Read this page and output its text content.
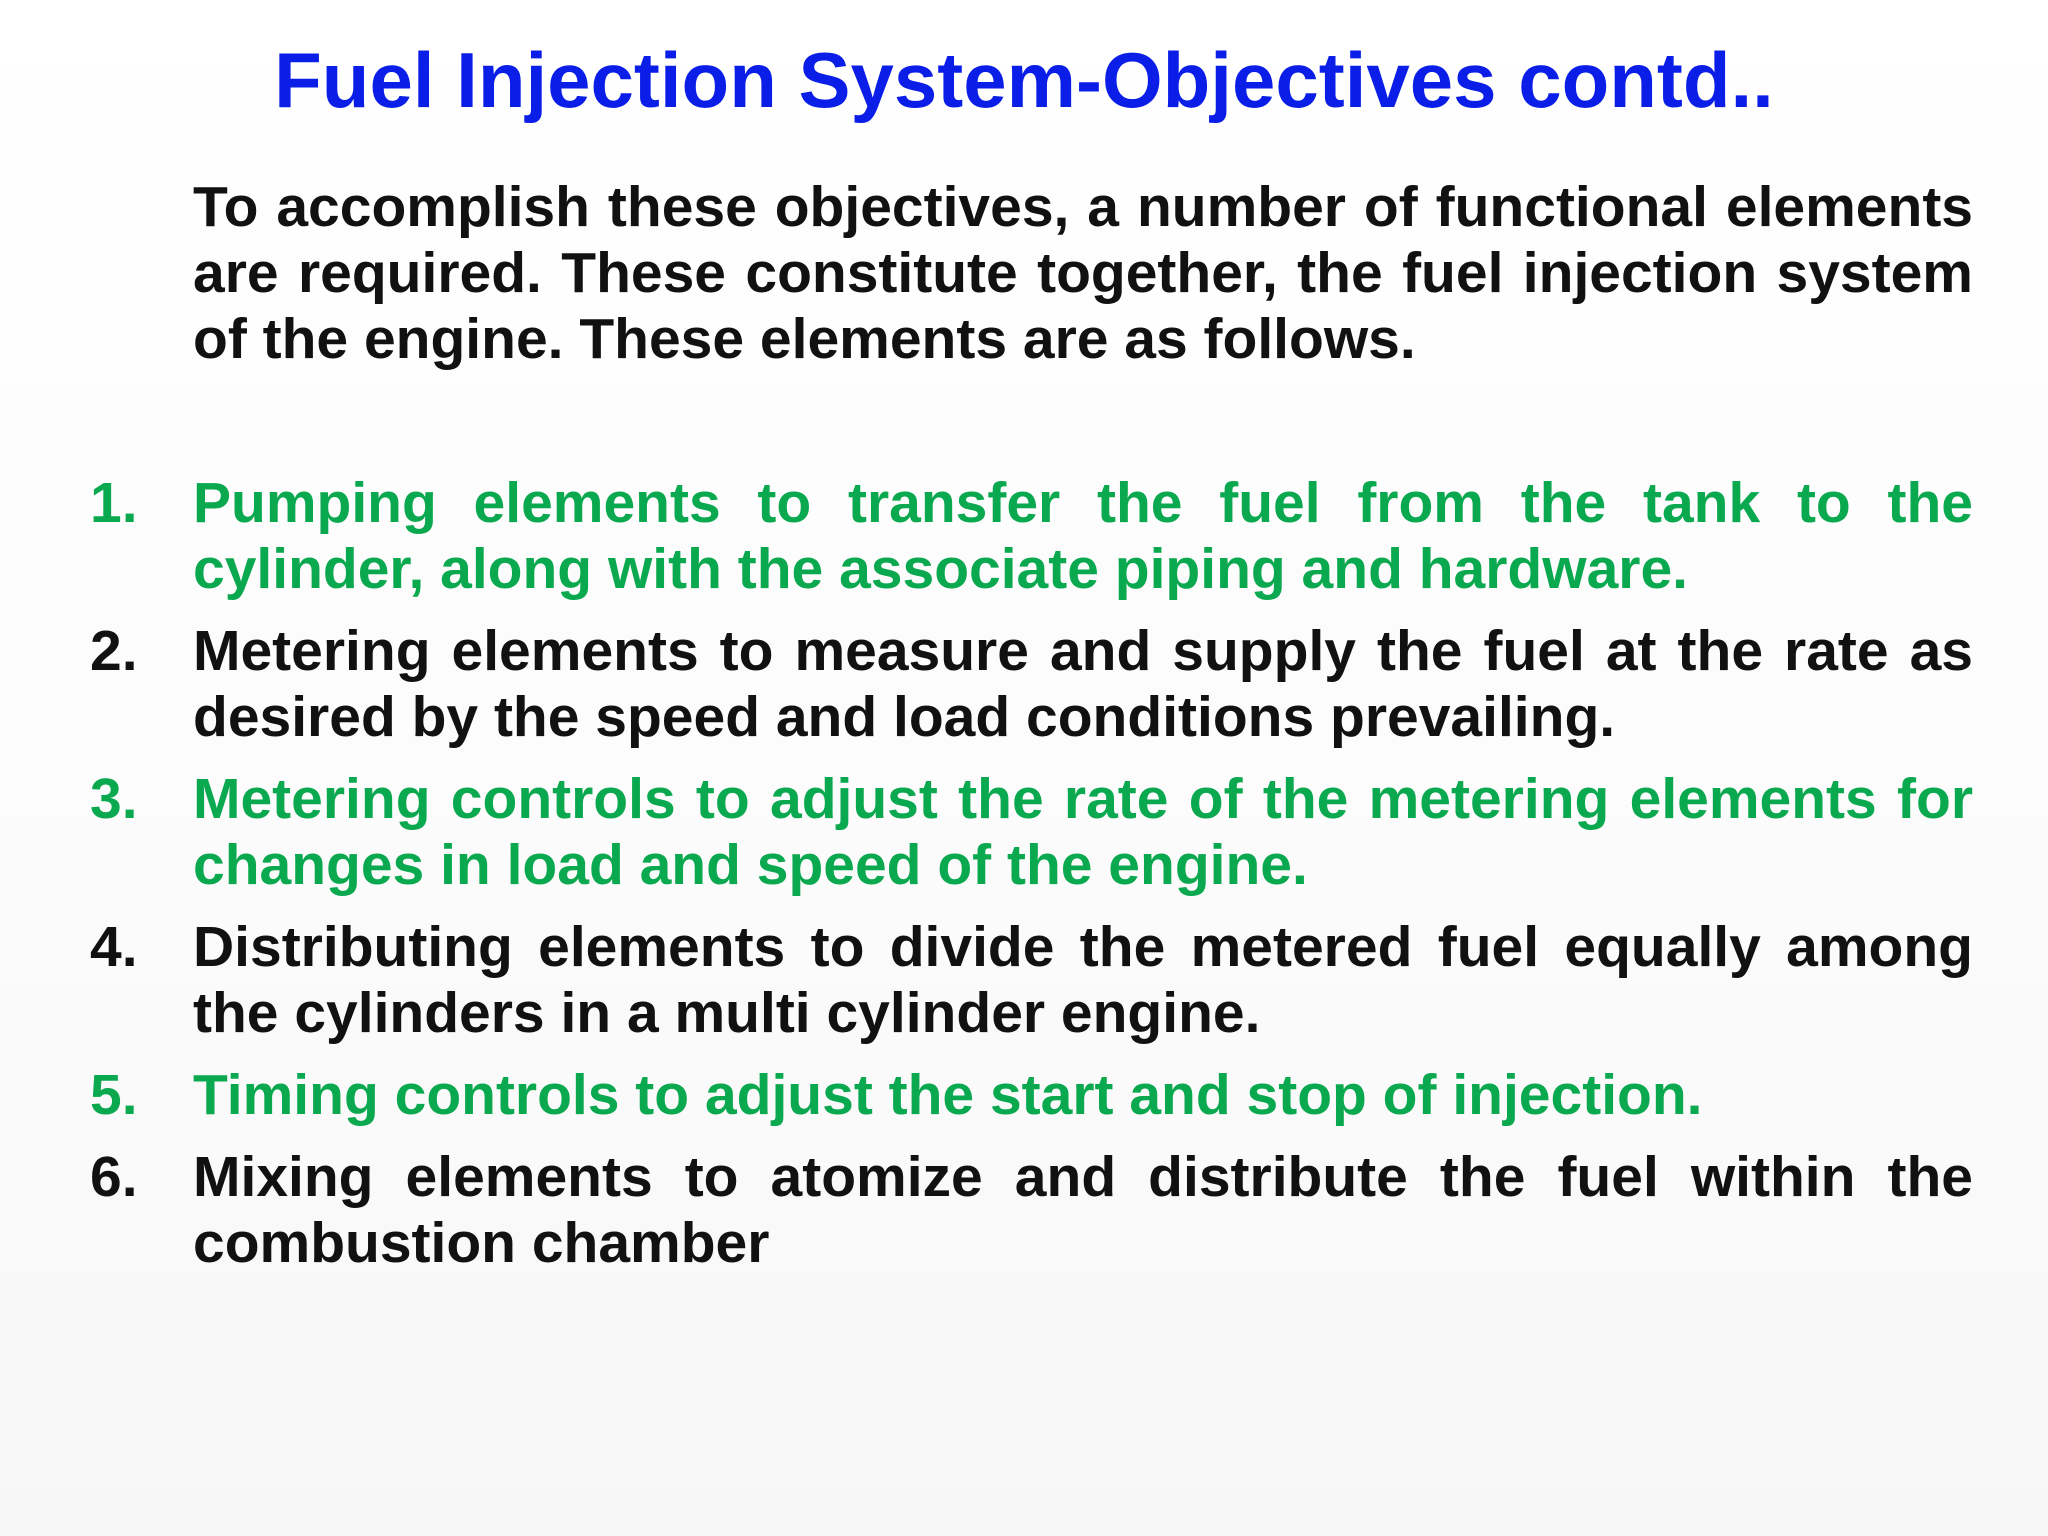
Fuel Injection System-Objectives contd..

To accomplish these objectives, a number of functional elements are required. These constitute together, the fuel injection system of the engine. These elements are as follows.

1. Pumping elements to transfer the fuel from the tank to the cylinder, along with the associate piping and hardware.
2. Metering elements to measure and supply the fuel at the rate as desired by the speed and load conditions prevailing.
3. Metering controls to adjust the rate of the metering elements for changes in load and speed of the engine.
4. Distributing elements to divide the metered fuel equally among the cylinders in a multi cylinder engine.
5. Timing controls to adjust the start and stop of injection.
6. Mixing elements to atomize and distribute the fuel within the combustion chamber
